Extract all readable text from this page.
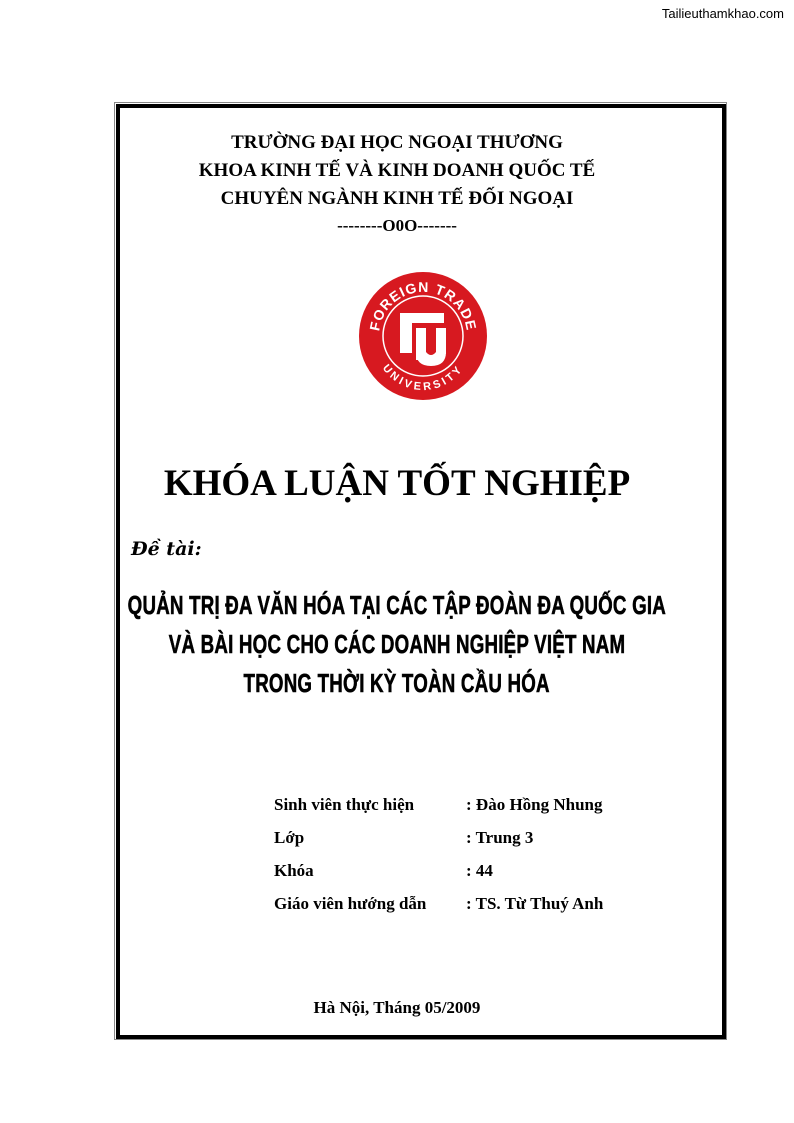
Tailieuthamkhao.com
TRƯỜNG ĐẠI HỌC NGOẠI THƯƠNG
KHOA KINH TẾ VÀ KINH DOANH QUỐC TẾ
CHUYÊN NGÀNH KINH TẾ ĐỐI NGOẠI
--------O0O-------
FOREIGN TRADE
UNIVERSITY
KHÓA LUẬN TỐT NGHIỆP
Đề tài:
QUẢN TRỊ ĐA VĂN HÓA TẠI CÁC TẬP ĐOÀN ĐA QUỐC GIA
VÀ BÀI HỌC CHO CÁC DOANH NGHIỆP VIỆT NAM
TRONG THỜI KỲ TOÀN CẦU HÓA
Sinh viên thực hiện	: Đào Hồng Nhung
Lớp	: Trung 3
Khóa	: 44
Giáo viên hướng dẫn : TS. Từ Thuý Anh
Hà Nội, Tháng 05/2009
